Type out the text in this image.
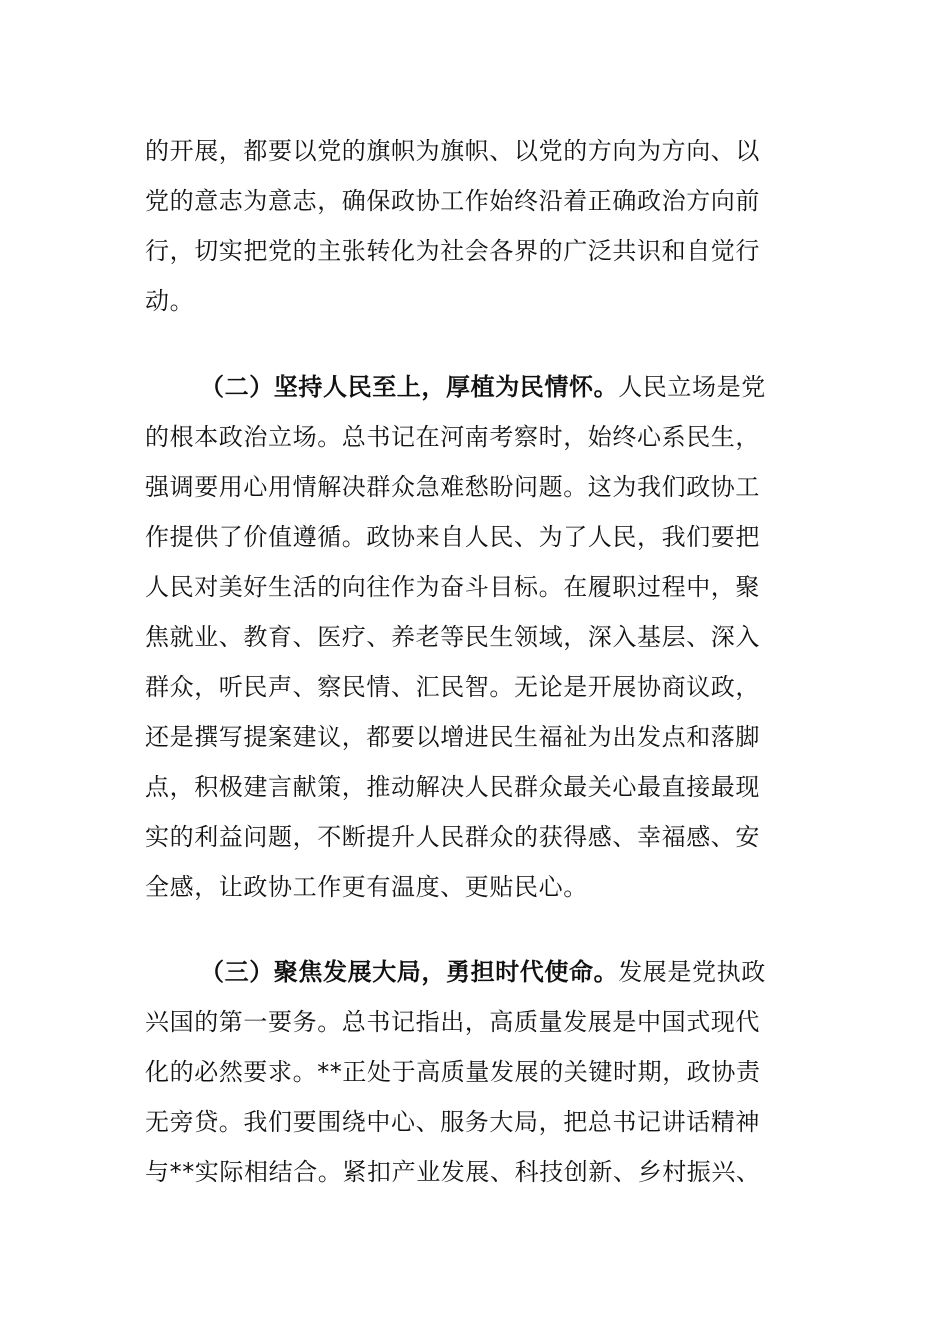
的开展，都要以党的旗帜为旗帜、以党的方向为方向、以
党的意志为意志，确保政协工作始终沿着正确政治方向前
行，切实把党的主张转化为社会各界的广泛共识和自觉行
动。
（二）坚持人民至上，厚植为民情怀。人民立场是党
的根本政治立场。总书记在河南考察时，始终心系民生，
强调要用心用情解决群众急难愁盼问题。这为我们政协工
作提供了价值遵循。政协来自人民、为了人民，我们要把
人民对美好生活的向往作为奋斗目标。在履职过程中，聚
焦就业、教育、医疗、养老等民生领域，深入基层、深入
群众，听民声、察民情、汇民智。无论是开展协商议政，
还是撰写提案建议，都要以增进民生福祉为出发点和落脚
点，积极建言献策，推动解决人民群众最关心最直接最现
实的利益问题，不断提升人民群众的获得感、幸福感、安
全感，让政协工作更有温度、更贴民心。
（三）聚焦发展大局，勇担时代使命。发展是党执政
兴国的第一要务。总书记指出，高质量发展是中国式现代
化的必然要求。**正处于高质量发展的关键时期，政协责
无旁贷。我们要围绕中心、服务大局，把总书记讲话精神
与**实际相结合。紧扣产业发展、科技创新、乡村振兴、
